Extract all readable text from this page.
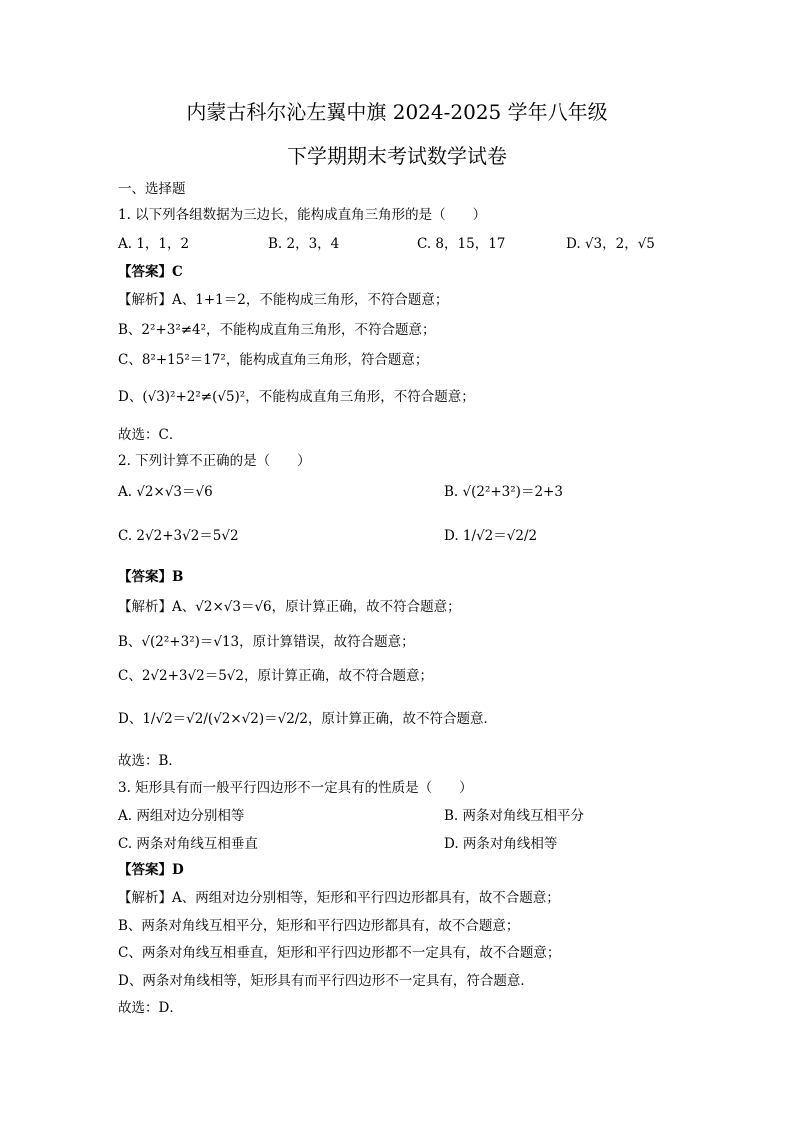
内蒙古科尔沁左翼中旗 2024-2025 学年八年级
下学期期末考试数学试卷
一、选择题
1. 以下列各组数据为三边长，能构成直角三角形的是（　　）
A. 1，1，2	B. 2，3，4	C. 8，15，17	D. √3，2，√5
【答案】C
【解析】A、1+1＝2，不能构成三角形，不符合题意；
B、2²+3²≠4²，不能构成直角三角形，不符合题意；
C、8²+15²＝17²，能构成直角三角形，符合题意；
D、(√3)²+2²≠(√5)²，不能构成直角三角形，不符合题意；
故选：C．
2. 下列计算不正确的是（　　）
A. √2×√3＝√6	B. √(2²+3²)＝2+3
C. 2√2+3√2＝5√2	D. 1/√2＝√2/2
【答案】B
【解析】A、√2×√3＝√6，原计算正确，故不符合题意；
B、√(2²+3²)＝√13，原计算错误，故符合题意；
C、2√2+3√2＝5√2，原计算正确，故不符合题意；
D、1/√2＝√2/(√2×√2)＝√2/2，原计算正确，故不符合题意．
故选：B．
3. 矩形具有而一般平行四边形不一定具有的性质是（　　）
A. 两组对边分别相等	B. 两条对角线互相平分
C. 两条对角线互相垂直	D. 两条对角线相等
【答案】D
【解析】A、两组对边分别相等，矩形和平行四边形都具有，故不合题意；
B、两条对角线互相平分，矩形和平行四边形都具有，故不合题意；
C、两条对角线互相垂直，矩形和平行四边形都不一定具有，故不合题意；
D、两条对角线相等，矩形具有而平行四边形不一定具有，符合题意．
故选：D．
